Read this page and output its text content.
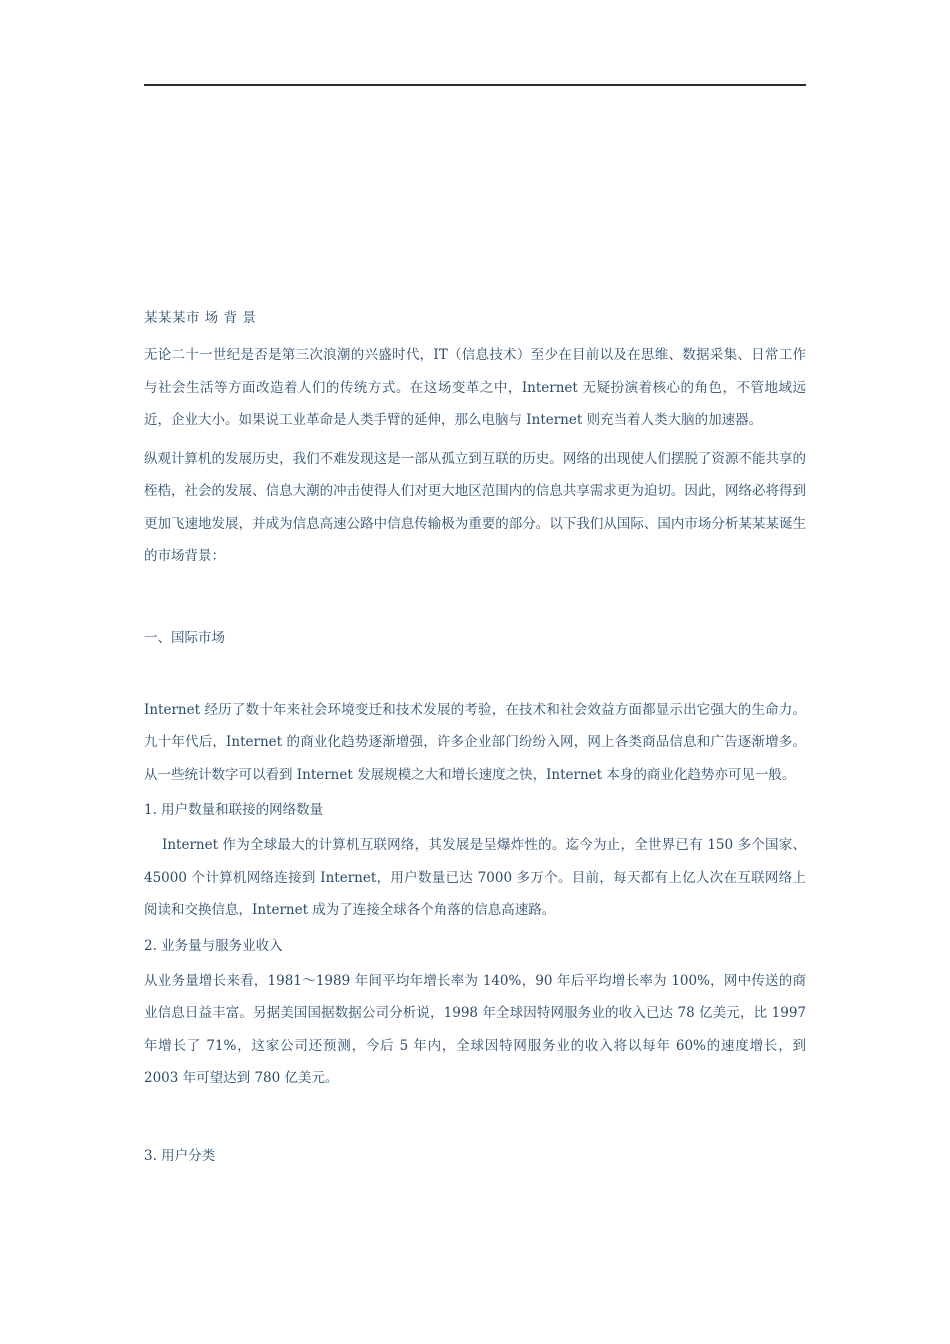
某某某市 场 背 景

无论二十一世纪是否是第三次浪潮的兴盛时代，IT（信息技术）至少在目前以及在思维、数据采集、日常工作与社会生活等方面改造着人们的传统方式。在这场变革之中，Internet 无疑扮演着核心的角色，不管地域远近，企业大小。如果说工业革命是人类手臂的延伸，那么电脑与 Internet 则充当着人类大脑的加速器。

纵观计算机的发展历史，我们不难发现这是一部从孤立到互联的历史。网络的出现使人们摆脱了资源不能共享的桎梏，社会的发展、信息大潮的冲击使得人们对更大地区范围内的信息共享需求更为迫切。因此，网络必将得到更加飞速地发展，并成为信息高速公路中信息传输极为重要的部分。以下我们从国际、国内市场分析某某某诞生的市场背景：

一、国际市场

Internet 经历了数十年来社会环境变迁和技术发展的考验，在技术和社会效益方面都显示出它强大的生命力。九十年代后，Internet 的商业化趋势逐渐增强，许多企业部门纷纷入网，网上各类商品信息和广告逐渐增多。从一些统计数字可以看到 Internet 发展规模之大和增长速度之快，Internet 本身的商业化趋势亦可见一般。

1. 用户数量和联接的网络数量

Internet 作为全球最大的计算机互联网络，其发展是呈爆炸性的。迄今为止，全世界已有 150 多个国家、45000 个计算机网络连接到 Internet，用户数量已达 7000 多万个。目前，每天都有上亿人次在互联网络上阅读和交换信息，Internet 成为了连接全球各个角落的信息高速路。

2. 业务量与服务业收入

从业务量增长来看，1981～1989 年间平均年增长率为 140%，90 年后平均增长率为 100%，网中传送的商业信息日益丰富。另据美国国据数据公司分析说，1998 年全球因特网服务业的收入已达 78 亿美元，比 1997 年增长了 71%，这家公司还预测，今后 5 年内，全球因特网服务业的收入将以每年 60%的速度增长，到 2003 年可望达到 780 亿美元。

3. 用户分类
